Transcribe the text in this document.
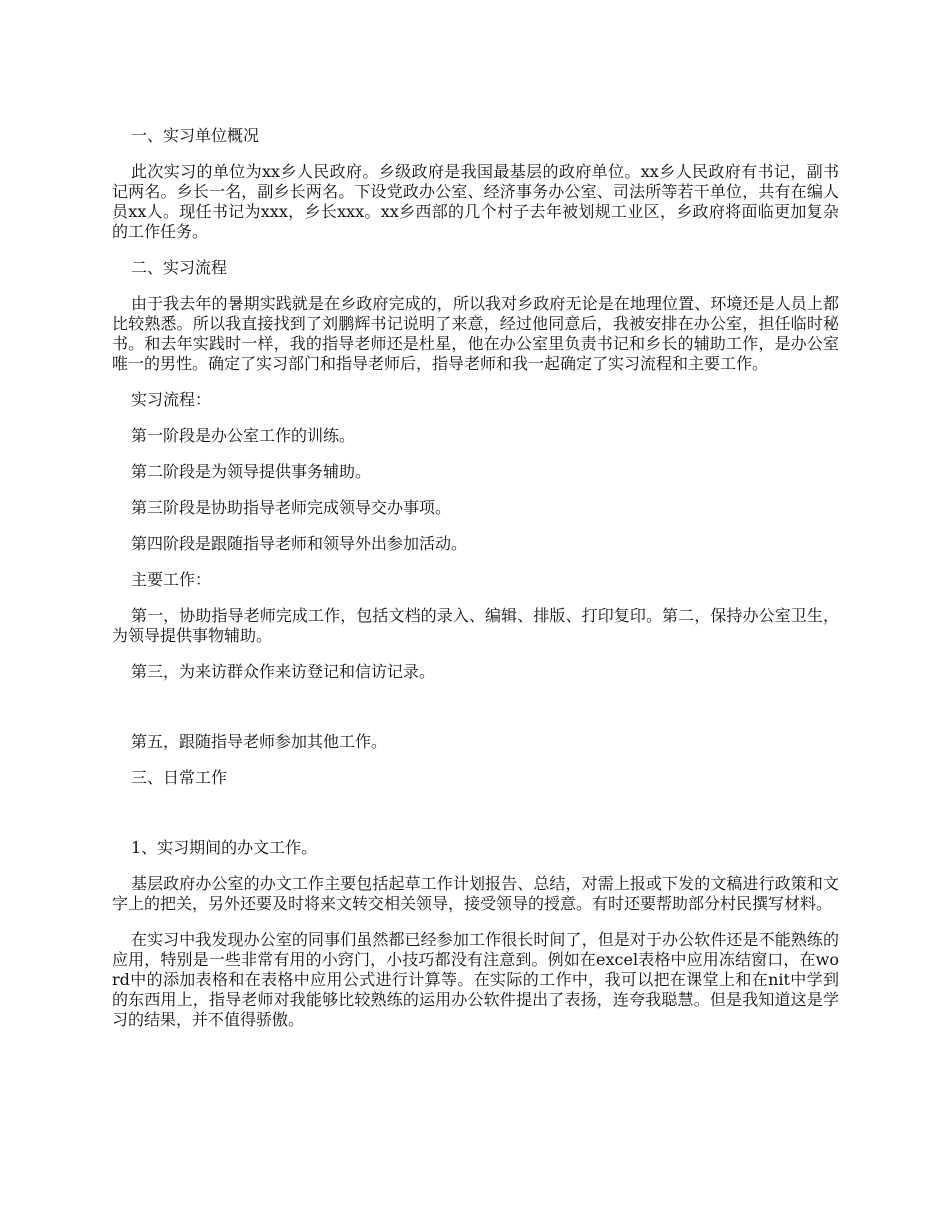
一、实习单位概况

此次实习的单位为xx乡人民政府。乡级政府是我国最基层的政府单位。xx乡人民政府有书记，副书记两名。乡长一名，副乡长两名。下设党政办公室、经济事务办公室、司法所等若干单位，共有在编人员xx人。现任书记为xxx，乡长xxx。xx乡西部的几个村子去年被划规工业区，乡政府将面临更加复杂的工作任务。

二、实习流程

由于我去年的暑期实践就是在乡政府完成的，所以我对乡政府无论是在地理位置、环境还是人员上都比较熟悉。所以我直接找到了刘鹏辉书记说明了来意，经过他同意后，我被安排在办公室，担任临时秘书。和去年实践时一样，我的指导老师还是杜星，他在办公室里负责书记和乡长的辅助工作，是办公室唯一的男性。确定了实习部门和指导老师后，指导老师和我一起确定了实习流程和主要工作。

实习流程：

第一阶段是办公室工作的训练。

第二阶段是为领导提供事务辅助。

第三阶段是协助指导老师完成领导交办事项。

第四阶段是跟随指导老师和领导外出参加活动。

主要工作：

第一，协助指导老师完成工作，包括文档的录入、编辑、排版、打印复印。第二，保持办公室卫生，为领导提供事物辅助。

第三，为来访群众作来访登记和信访记录。

第五，跟随指导老师参加其他工作。

三、日常工作

1、实习期间的办文工作。

基层政府办公室的办文工作主要包括起草工作计划报告、总结，对需上报或下发的文稿进行政策和文字上的把关，另外还要及时将来文转交相关领导，接受领导的授意。有时还要帮助部分村民撰写材料。

在实习中我发现办公室的同事们虽然都已经参加工作很长时间了，但是对于办公软件还是不能熟练的应用，特别是一些非常有用的小窍门，小技巧都没有注意到。例如在excel表格中应用冻结窗口，在word中的添加表格和在表格中应用公式进行计算等。在实际的工作中，我可以把在课堂上和在nit中学到的东西用上，指导老师对我能够比较熟练的运用办公软件提出了表扬，连夸我聪慧。但是我知道这是学习的结果，并不值得骄傲。
